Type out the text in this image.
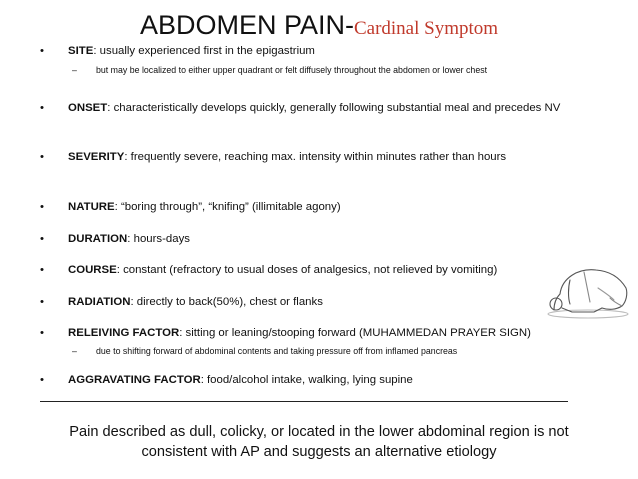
ABDOMEN PAIN-Cardinal Symptom
•	SITE: usually experienced first in the epigastrium
– but may be localized to either upper quadrant or felt diffusely throughout the abdomen or lower chest
•	ONSET: characteristically develops quickly, generally following substantial meal and precedes NV
•	SEVERITY: frequently severe, reaching max. intensity within minutes rather than hours
•	NATURE: “boring through”, “knifing” (illimitable agony)
•	DURATION: hours-days
•	COURSE: constant (refractory to usual doses of analgesics, not relieved by vomiting)
•	RADIATION: directly to back(50%), chest or flanks
•	RELEIVING FACTOR: sitting or leaning/stooping forward (MUHAMMEDAN PRAYER SIGN)
– due to shifting forward of abdominal contents and taking pressure off from inflamed pancreas
•	AGGRAVATING FACTOR: food/alcohol intake, walking, lying supine
Pain described as dull, colicky, or located in the lower abdominal region is not consistent with AP and suggests an alternative etiology
